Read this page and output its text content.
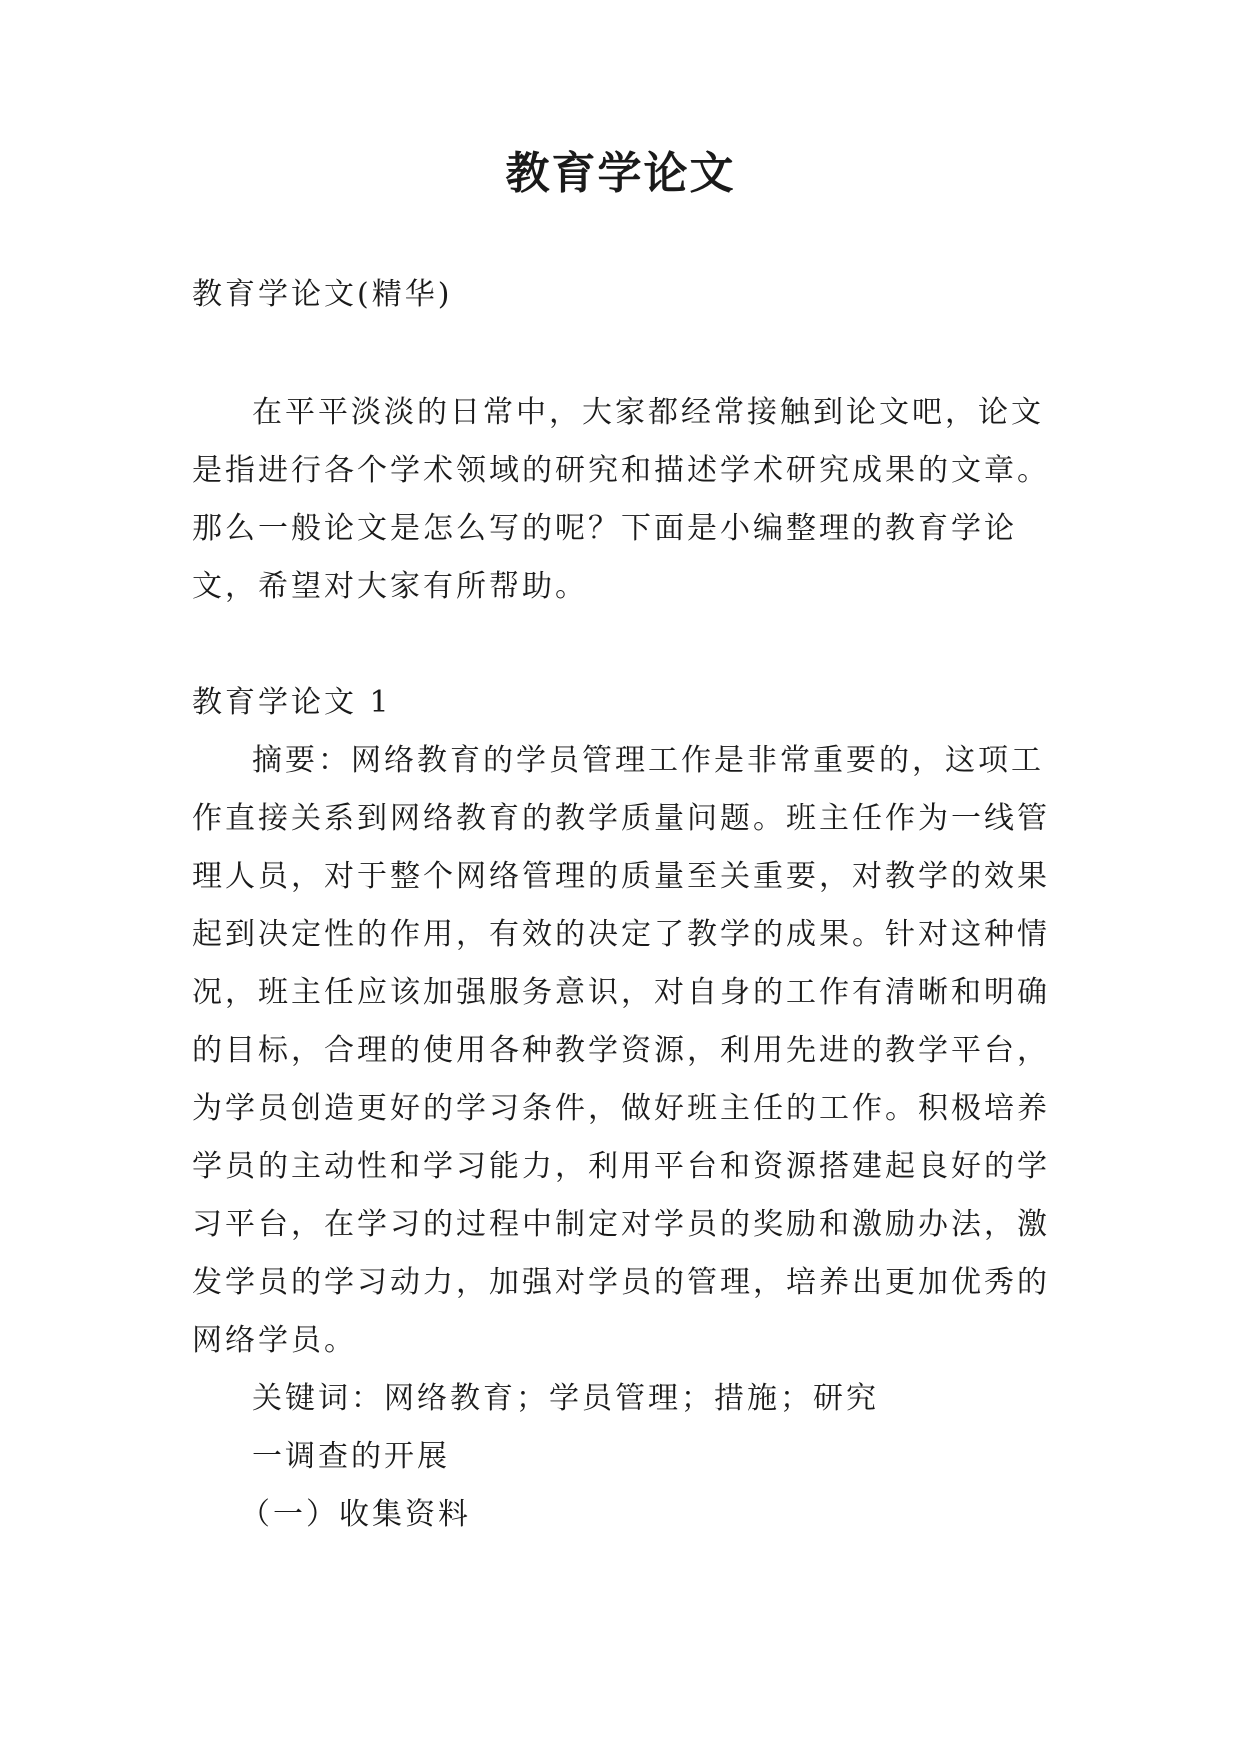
教育学论文

教育学论文(精华)

在平平淡淡的日常中，大家都经常接触到论文吧，论文是指进行各个学术领域的研究和描述学术研究成果的文章。那么一般论文是怎么写的呢？下面是小编整理的教育学论文，希望对大家有所帮助。

教育学论文 1

摘要：网络教育的学员管理工作是非常重要的，这项工作直接关系到网络教育的教学质量问题。班主任作为一线管理人员，对于整个网络管理的质量至关重要，对教学的效果起到决定性的作用，有效的决定了教学的成果。针对这种情况，班主任应该加强服务意识，对自身的工作有清晰和明确的目标，合理的使用各种教学资源，利用先进的教学平台，为学员创造更好的学习条件，做好班主任的工作。积极培养学员的主动性和学习能力，利用平台和资源搭建起良好的学习平台，在学习的过程中制定对学员的奖励和激励办法，激发学员的学习动力，加强对学员的管理，培养出更加优秀的网络学员。

关键词：网络教育；学员管理；措施；研究

一调查的开展

（一）收集资料
